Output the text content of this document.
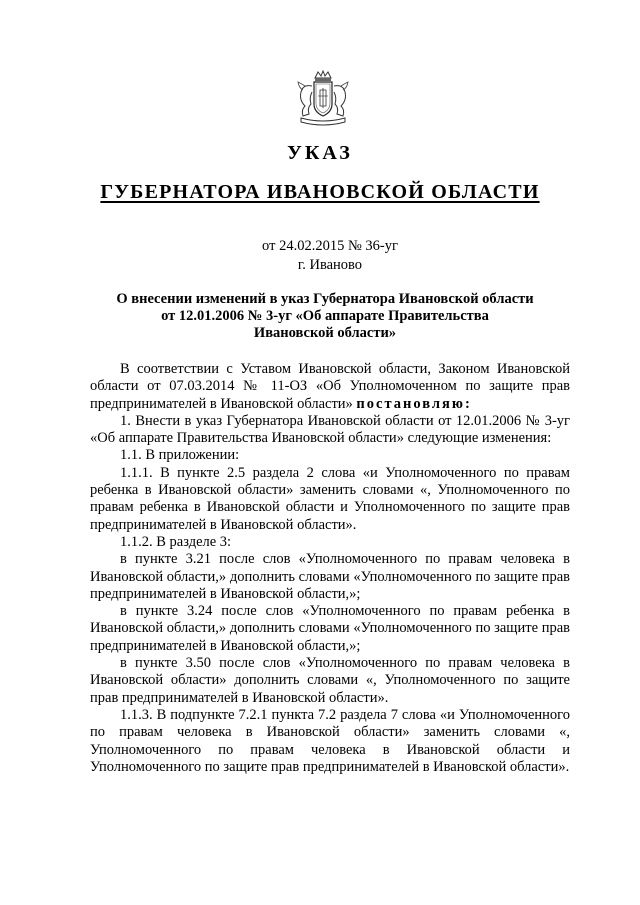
УКАЗ
ГУБЕРНАТОРА ИВАНОВСКОЙ ОБЛАСТИ
от 24.02.2015 № 36-уг
г. Иваново
О внесении изменений в указ Губернатора Ивановской области
от 12.01.2006 № 3-уг «Об аппарате Правительства
Ивановской области»

В соответствии с Уставом Ивановской области, Законом Ивановской области от 07.03.2014 № 11-ОЗ «Об Уполномоченном по защите прав предпринимателей в Ивановской области» постановляю:

1. Внести в указ Губернатора Ивановской области от 12.01.2006 № 3-уг «Об аппарате Правительства Ивановской области» следующие изменения:

1.1. В приложении:

1.1.1. В пункте 2.5 раздела 2 слова «и Уполномоченного по правам ребенка в Ивановской области» заменить словами «, Уполномоченного по правам ребенка в Ивановской области и Уполномоченного по защите прав предпринимателей в Ивановской области».

1.1.2. В разделе 3:

в пункте 3.21 после слов «Уполномоченного по правам человека в Ивановской области,» дополнить словами «Уполномоченного по защите прав предпринимателей в Ивановской области,»;

в пункте 3.24 после слов «Уполномоченного по правам ребенка в Ивановской области,» дополнить словами «Уполномоченного по защите прав предпринимателей в Ивановской области,»;

в пункте 3.50 после слов «Уполномоченного по правам человека в Ивановской области» дополнить словами «, Уполномоченного по защите прав предпринимателей в Ивановской области».

1.1.3. В подпункте 7.2.1 пункта 7.2 раздела 7 слова «и Уполномоченного по правам человека в Ивановской области» заменить словами «, Уполномоченного по правам человека в Ивановской области и Уполномоченного по защите прав предпринимателей в Ивановской области».
